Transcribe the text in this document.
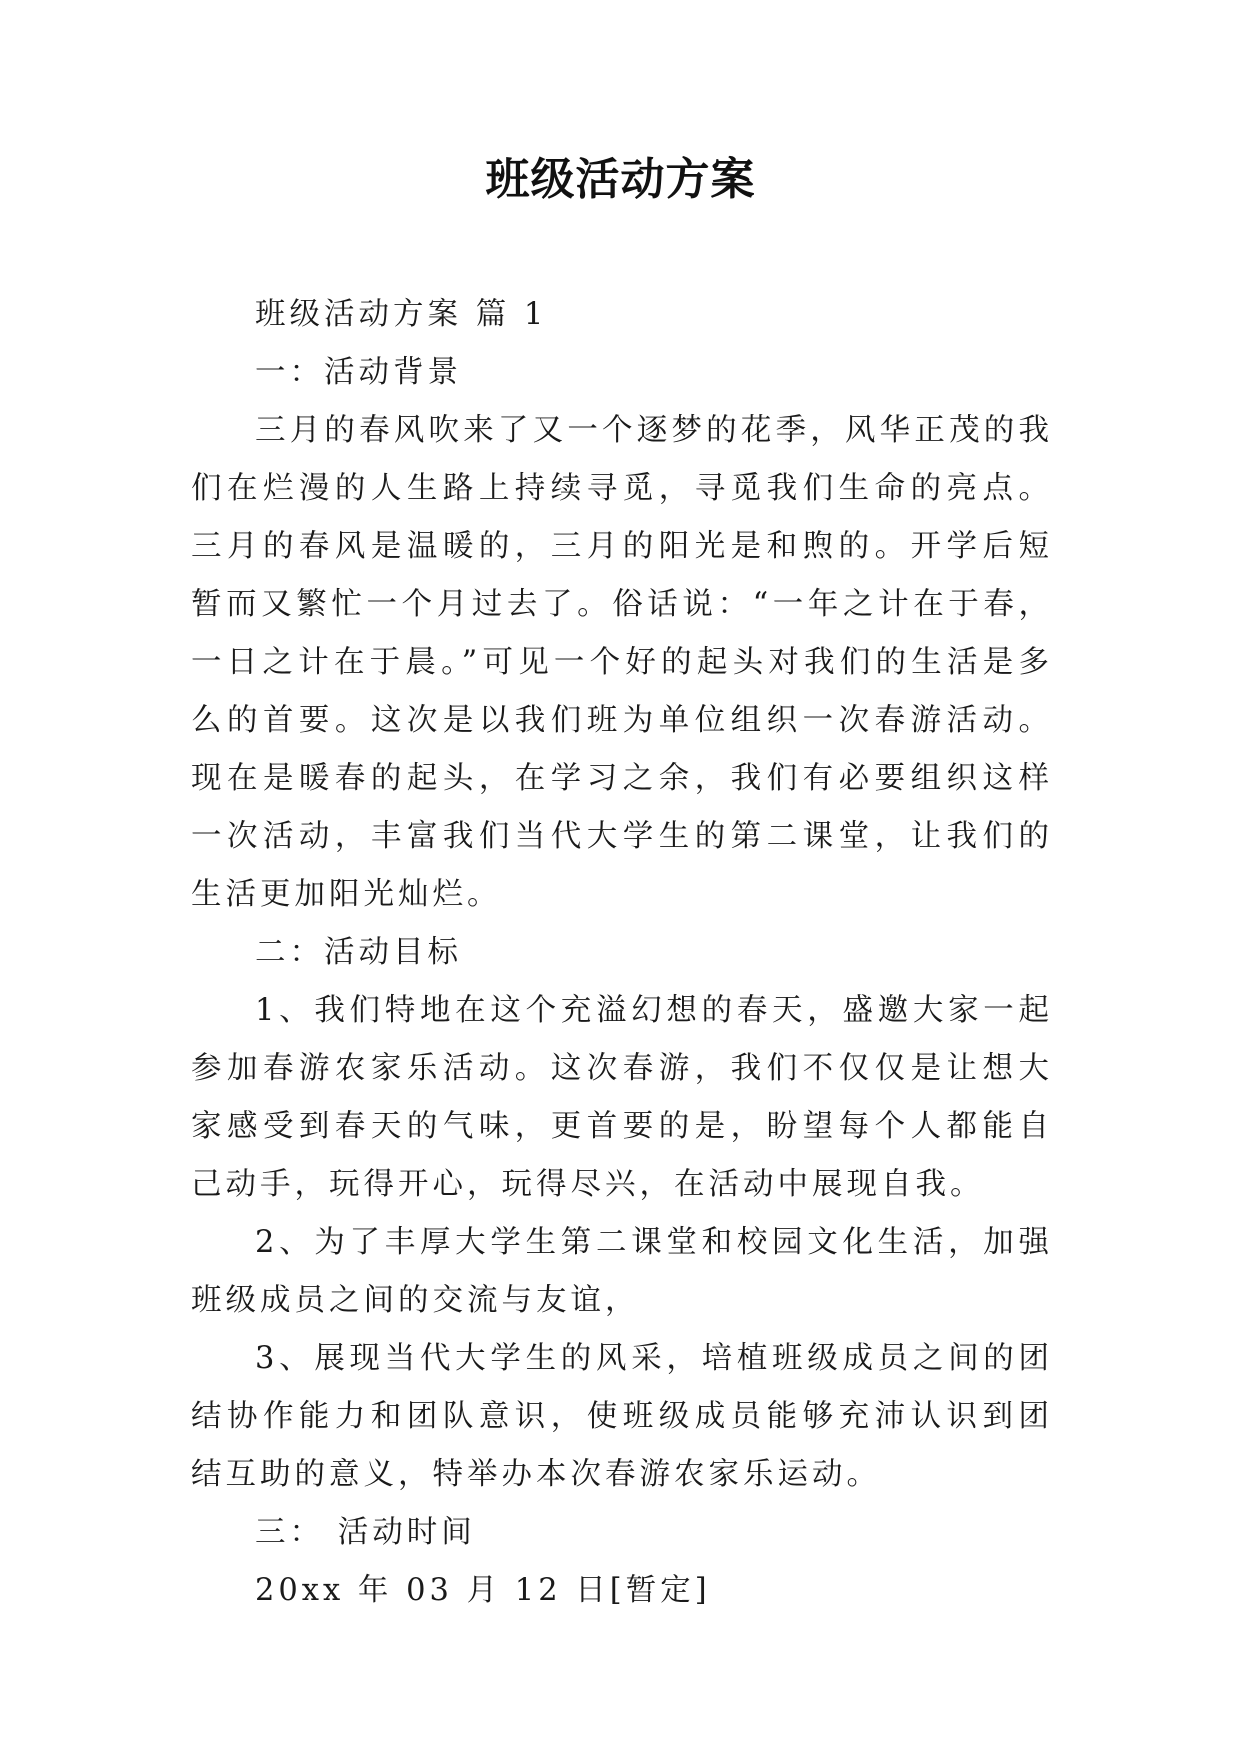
班级活动方案

班级活动方案 篇 1

一：活动背景

三月的春风吹来了又一个逐梦的花季，风华正茂的我们在烂漫的人生路上持续寻觅，寻觅我们生命的亮点。三月的春风是温暖的，三月的阳光是和煦的。开学后短暂而又繁忙一个月过去了。俗话说：“一年之计在于春，一日之计在于晨。”可见一个好的起头对我们的生活是多么的首要。这次是以我们班为单位组织一次春游活动。现在是暖春的起头，在学习之余，我们有必要组织这样一次活动，丰富我们当代大学生的第二课堂，让我们的生活更加阳光灿烂。

二：活动目标

1、我们特地在这个充溢幻想的春天，盛邀大家一起参加春游农家乐活动。这次春游，我们不仅仅是让想大家感受到春天的气味，更首要的是，盼望每个人都能自己动手，玩得开心，玩得尽兴，在活动中展现自我。

2、为了丰厚大学生第二课堂和校园文化生活，加强班级成员之间的交流与友谊，

3、展现当代大学生的风采，培植班级成员之间的团结协作能力和团队意识，使班级成员能够充沛认识到团结互助的意义，特举办本次春游农家乐运动。

三： 活动时间

20xx 年 03 月 12 日[暂定]
